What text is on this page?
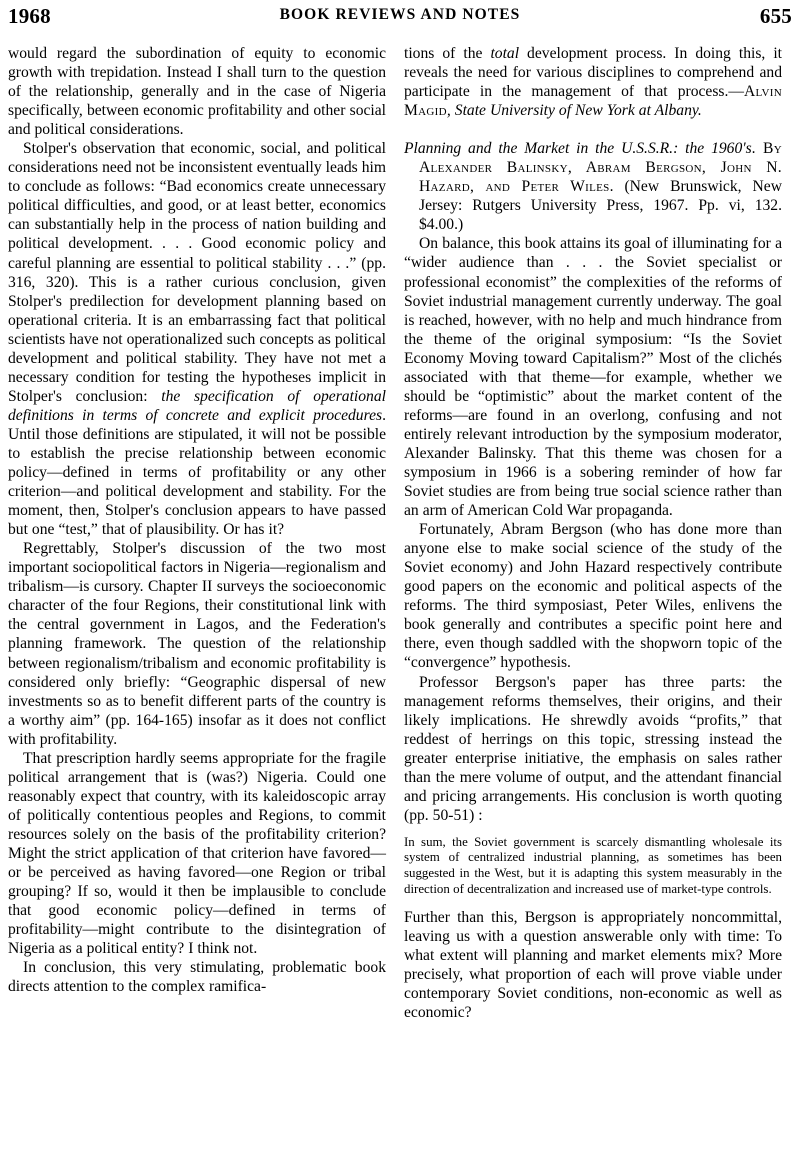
1968	BOOK REVIEWS AND NOTES	655

would regard the subordination of equity to economic growth with trepidation. Instead I shall turn to the question of the relationship, generally and in the case of Nigeria specifically, between economic profitability and other social and political considerations.

Stolper's observation that economic, social, and political considerations need not be inconsistent eventually leads him to conclude as follows: “Bad economics create unnecessary political difficulties, and good, or at least better, economics can substantially help in the process of nation building and political development. . . . Good economic policy and careful planning are essential to political stability . . .” (pp. 316, 320). This is a rather curious conclusion, given Stolper's predilection for development planning based on operational criteria. It is an embarrassing fact that political scientists have not operationalized such concepts as political development and political stability. They have not met a necessary condition for testing the hypotheses implicit in Stolper's conclusion: the specification of operational definitions in terms of concrete and explicit procedures. Until those definitions are stipulated, it will not be possible to establish the precise relationship between economic policy—defined in terms of profitability or any other criterion—and political development and stability. For the moment, then, Stolper's conclusion appears to have passed but one “test,” that of plausibility. Or has it?

Regrettably, Stolper's discussion of the two most important sociopolitical factors in Nigeria—regionalism and tribalism—is cursory. Chapter II surveys the socioeconomic character of the four Regions, their constitutional link with the central government in Lagos, and the Federation's planning framework. The question of the relationship between regionalism/tribalism and economic profitability is considered only briefly: “Geographic dispersal of new investments so as to benefit different parts of the country is a worthy aim” (pp. 164-165) insofar as it does not conflict with profitability.

That prescription hardly seems appropriate for the fragile political arrangement that is (was?) Nigeria. Could one reasonably expect that country, with its kaleidoscopic array of politically contentious peoples and Regions, to commit resources solely on the basis of the profitability criterion? Might the strict application of that criterion have favored—or be perceived as having favored—one Region or tribal grouping? If so, would it then be implausible to conclude that good economic policy—defined in terms of profitability—might contribute to the disintegration of Nigeria as a political entity? I think not.

In conclusion, this very stimulating, problematic book directs attention to the complex ramifica-

tions of the total development process. In doing this, it reveals the need for various disciplines to comprehend and participate in the management of that process.—Alvin Magid, State University of New York at Albany.

Planning and the Market in the U.S.S.R.: the 1960's. By Alexander Balinsky, Abram Bergson, John N. Hazard, and Peter Wiles. (New Brunswick, New Jersey: Rutgers University Press, 1967. Pp. vi, 132. $4.00.)

On balance, this book attains its goal of illuminating for a “wider audience than . . . the Soviet specialist or professional economist” the complexities of the reforms of Soviet industrial management currently underway. The goal is reached, however, with no help and much hindrance from the theme of the original symposium: “Is the Soviet Economy Moving toward Capitalism?” Most of the clichés associated with that theme—for example, whether we should be “optimistic” about the market content of the reforms—are found in an overlong, confusing and not entirely relevant introduction by the symposium moderator, Alexander Balinsky. That this theme was chosen for a symposium in 1966 is a sobering reminder of how far Soviet studies are from being true social science rather than an arm of American Cold War propaganda.

Fortunately, Abram Bergson (who has done more than anyone else to make social science of the study of the Soviet economy) and John Hazard respectively contribute good papers on the economic and political aspects of the reforms. The third symposiast, Peter Wiles, enlivens the book generally and contributes a specific point here and there, even though saddled with the shopworn topic of the “convergence” hypothesis.

Professor Bergson's paper has three parts: the management reforms themselves, their origins, and their likely implications. He shrewdly avoids “profits,” that reddest of herrings on this topic, stressing instead the greater enterprise initiative, the emphasis on sales rather than the mere volume of output, and the attendant financial and pricing arrangements. His conclusion is worth quoting (pp. 50-51) :

In sum, the Soviet government is scarcely dismantling wholesale its system of centralized industrial planning, as sometimes has been suggested in the West, but it is adapting this system measurably in the direction of decentralization and increased use of market-type controls.

Further than this, Bergson is appropriately noncommittal, leaving us with a question answerable only with time: To what extent will planning and market elements mix? More precisely, what proportion of each will prove viable under contemporary Soviet conditions, non-economic as well as economic?
